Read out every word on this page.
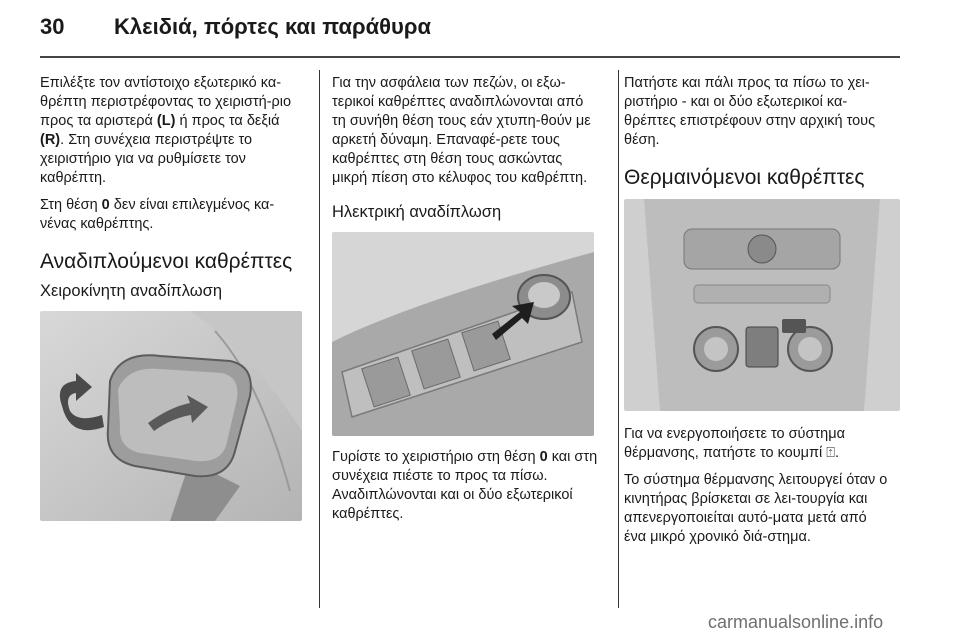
30 Κλειδιά, πόρτες και παράθυρα

Επιλέξτε τον αντίστοιχο εξωτερικό κα-θρέπτη περιστρέφοντας το χειριστή-ριο προς τα αριστερά (L) ή προς τα δεξιά (R). Στη συνέχεια περιστρέψτε το χειριστήριο για να ρυθμίσετε τον καθρέπτη.

Στη θέση 0 δεν είναι επιλεγμένος κα-νένας καθρέπτης.

Αναδιπλούμενοι καθρέπτες
Χειροκίνητη αναδίπλωση

Για την ασφάλεια των πεζών, οι εξω-τερικοί καθρέπτες αναδιπλώνονται από τη συνήθη θέση τους εάν χτυπη-θούν με αρκετή δύναμη. Επαναφέ-ρετε τους καθρέπτες στη θέση τους ασκώντας μικρή πίεση στο κέλυφος του καθρέπτη.

Ηλεκτρική αναδίπλωση

Γυρίστε το χειριστήριο στη θέση 0 και στη συνέχεια πιέστε το προς τα πίσω. Αναδιπλώνονται και οι δύο εξωτερικοί καθρέπτες.

Πατήστε και πάλι προς τα πίσω το χει-ριστήριο - και οι δύο εξωτερικοί κα-θρέπτες επιστρέφουν στην αρχική τους θέση.

Θερμαινόμενοι καθρέπτες

Για να ενεργοποιήσετε το σύστημα θέρμανσης, πατήστε το κουμπί ⍐.

Το σύστημα θέρμανσης λειτουργεί όταν ο κινητήρας βρίσκεται σε λει-τουργία και απενεργοποιείται αυτό-ματα μετά από ένα μικρό χρονικό διά-στημα.

carmanualsonline.info
